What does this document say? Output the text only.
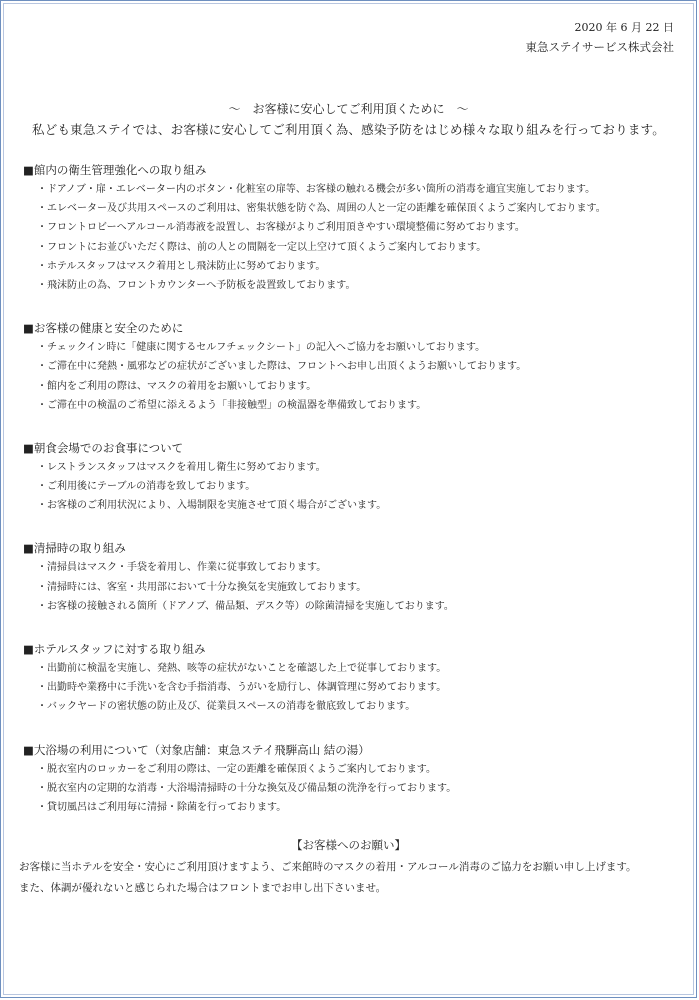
2020 年 6 月 22 日
東急ステイサービス株式会社
〜　お客様に安心してご利用頂くために　〜
私ども東急ステイでは、お客様に安心してご利用頂く為、感染予防をはじめ様々な取り組みを行っております。
■館内の衛生管理強化への取り組み
・ドアノブ・扉・エレベーター内のボタン・化粧室の扉等、お客様の触れる機会が多い箇所の消毒を適宜実施しております。
・エレベーター及び共用スペースのご利用は、密集状態を防ぐ為、周囲の人と一定の距離を確保頂くようご案内しております。
・フロントロビーへアルコール消毒液を設置し、お客様がよりご利用頂きやすい環境整備に努めております。
・フロントにお並びいただく際は、前の人との間隔を一定以上空けて頂くようご案内しております。
・ホテルスタッフはマスク着用とし飛沫防止に努めております。
・飛沫防止の為、フロントカウンターへ予防板を設置致しております。
■お客様の健康と安全のために
・チェックイン時に「健康に関するセルフチェックシート」の記入へご協力をお願いしております。
・ご滞在中に発熱・風邪などの症状がございました際は、フロントへお申し出頂くようお願いしております。
・館内をご利用の際は、マスクの着用をお願いしております。
・ご滞在中の検温のご希望に添えるよう「非接触型」の検温器を準備致しております。
■朝食会場でのお食事について
・レストランスタッフはマスクを着用し衛生に努めております。
・ご利用後にテーブルの消毒を致しております。
・お客様のご利用状況により、入場制限を実施させて頂く場合がございます。
■清掃時の取り組み
・清掃員はマスク・手袋を着用し、作業に従事致しております。
・清掃時には、客室・共用部において十分な換気を実施致しております。
・お客様の接触される箇所（ドアノブ、備品類、デスク等）の除菌清掃を実施しております。
■ホテルスタッフに対する取り組み
・出勤前に検温を実施し、発熱、咳等の症状がないことを確認した上で従事しております。
・出勤時や業務中に手洗いを含む手指消毒、うがいを励行し、体調管理に努めております。
・バックヤードの密状態の防止及び、従業員スペースの消毒を徹底致しております。
■大浴場の利用について（対象店舗：東急ステイ飛騨高山 結の湯）
・脱衣室内のロッカーをご利用の際は、一定の距離を確保頂くようご案内しております。
・脱衣室内の定期的な消毒・大浴場清掃時の十分な換気及び備品類の洗浄を行っております。
・貸切風呂はご利用毎に清掃・除菌を行っております。
【お客様へのお願い】
お客様に当ホテルを安全・安心にご利用頂けますよう、ご来館時のマスクの着用・アルコール消毒のご協力をお願い申し上げます。
また、体調が優れないと感じられた場合はフロントまでお申し出下さいませ。
